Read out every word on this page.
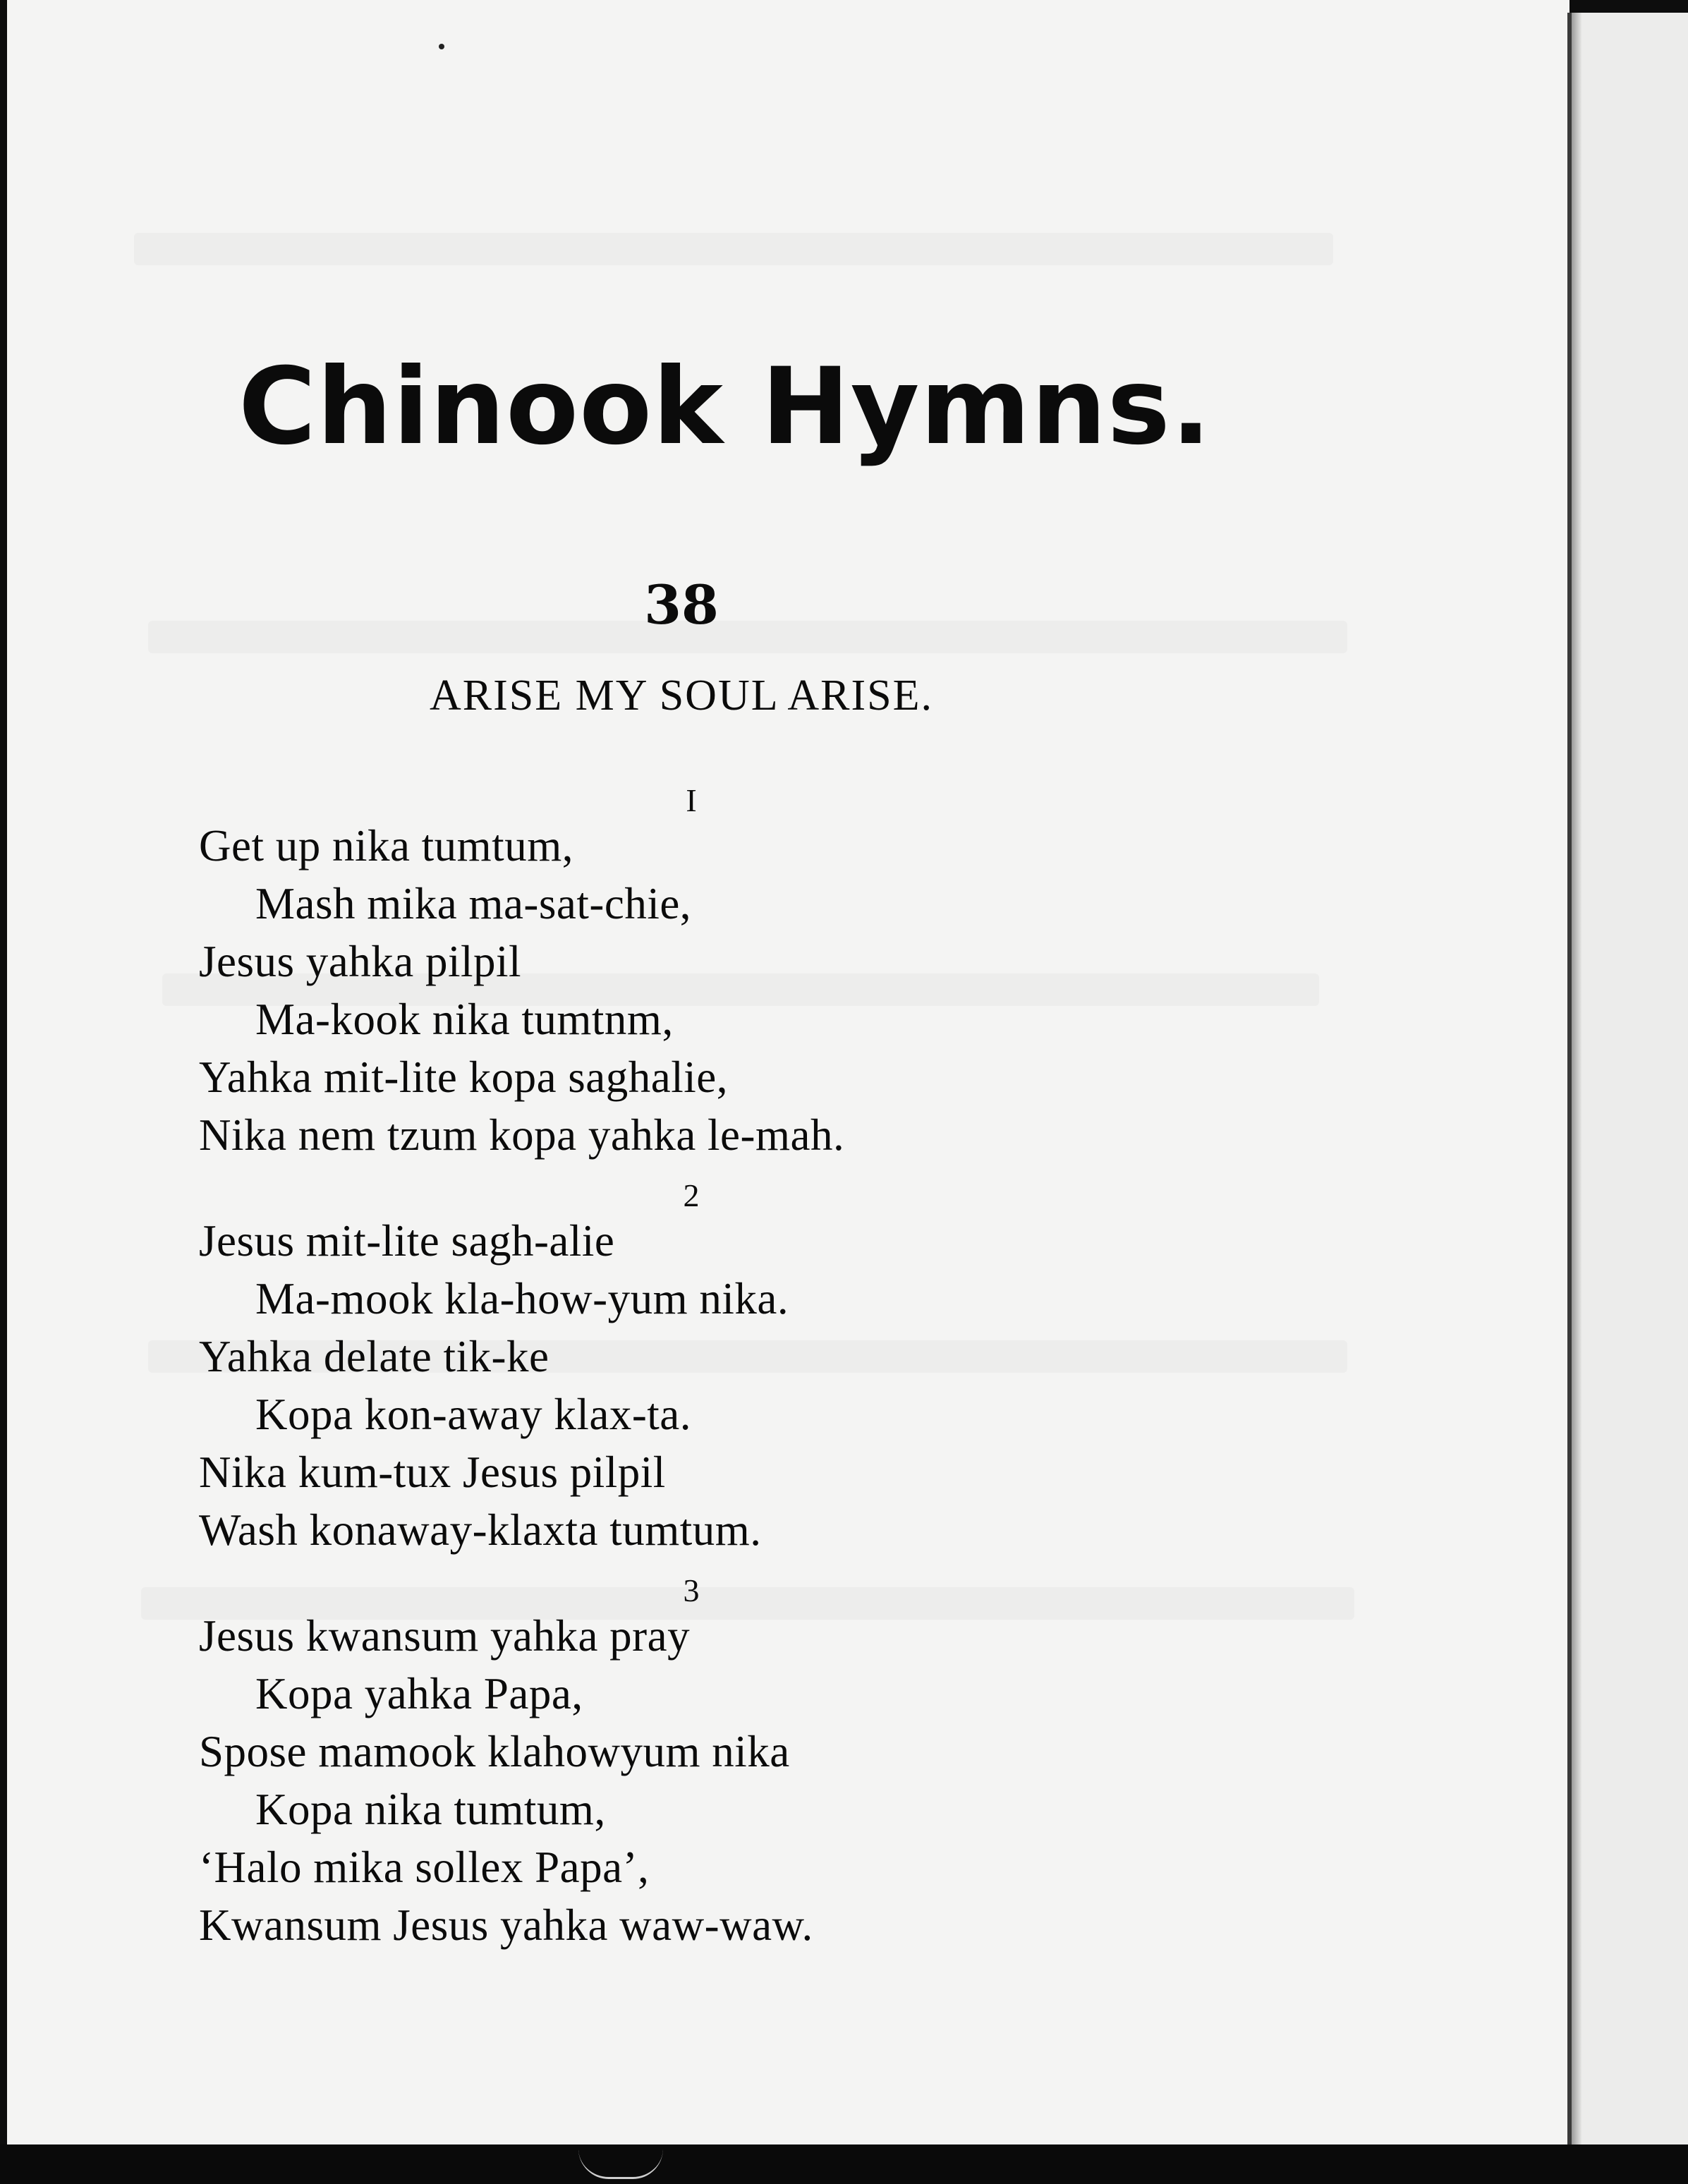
Chinook Hymns.
38
ARISE MY SOUL ARISE.
I
Get up nika tumtum,
Mash mika ma-sat-chie,
Jesus yahka pilpil
Ma-kook nika tumtnm,
Yahka mit-lite kopa saghalie,
Nika nem tzum kopa yahka le-mah.
2
Jesus mit-lite sagh-alie
Ma-mook kla-how-yum nika.
Yahka delate tik-ke
Kopa kon-away klax-ta.
Nika kum-tux Jesus pilpil
Wash konaway-klaxta tumtum.
3
Jesus kwansum yahka pray
Kopa yahka Papa,
Spose mamook klahowyum nika
Kopa nika tumtum,
‘Halo mika sollex Papa’,
Kwansum Jesus yahka waw-waw.
